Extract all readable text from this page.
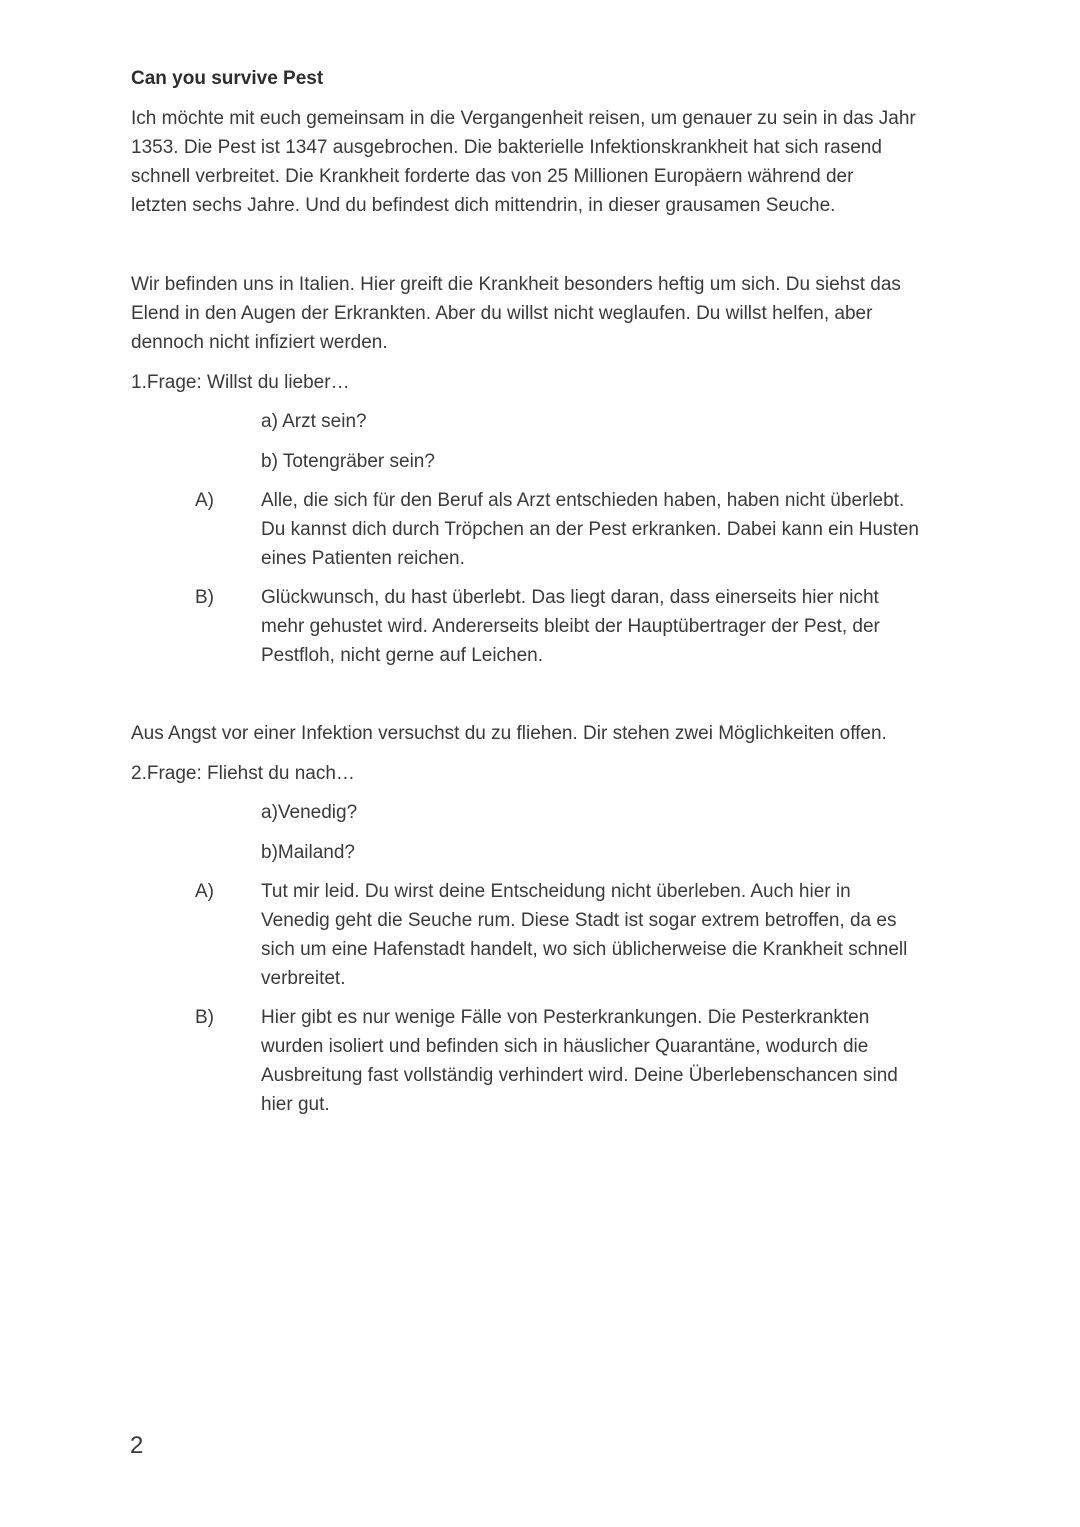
Can you survive Pest
Ich möchte mit euch gemeinsam in die Vergangenheit reisen, um genauer zu sein in das Jahr
1353. Die Pest ist 1347 ausgebrochen. Die bakterielle Infektionskrankheit hat sich rasend
schnell verbreitet. Die Krankheit forderte das von 25 Millionen Europäern während der
letzten sechs Jahre. Und du befindest dich mittendrin, in dieser grausamen Seuche.
Wir befinden uns in Italien. Hier greift die Krankheit besonders heftig um sich. Du siehst das
Elend in den Augen der Erkrankten. Aber du willst nicht weglaufen. Du willst helfen, aber
dennoch nicht infiziert werden.
1.Frage: Willst du lieber…
a) Arzt sein?
b) Totengräber sein?
A) Alle, die sich für den Beruf als Arzt entschieden haben, haben nicht überlebt.
Du kannst dich durch Tröpchen an der Pest erkranken. Dabei kann ein Husten
eines Patienten reichen.
B) Glückwunsch, du hast überlebt. Das liegt daran, dass einerseits hier nicht
mehr gehustet wird. Andererseits bleibt der Hauptübertrager der Pest, der
Pestfloh, nicht gerne auf Leichen.
Aus Angst vor einer Infektion versuchst du zu fliehen. Dir stehen zwei Möglichkeiten offen.
2.Frage: Fliehst du nach…
a)Venedig?
b)Mailand?
A) Tut mir leid. Du wirst deine Entscheidung nicht überleben. Auch hier in
Venedig geht die Seuche rum. Diese Stadt ist sogar extrem betroffen, da es
sich um eine Hafenstadt handelt, wo sich üblicherweise die Krankheit schnell
verbreitet.
B) Hier gibt es nur wenige Fälle von Pesterkrankungen. Die Pesterkrankten
wurden isoliert und befinden sich in häuslicher Quarantäne, wodurch die
Ausbreitung fast vollständig verhindert wird. Deine Überlebenschancen sind
hier gut.
2
